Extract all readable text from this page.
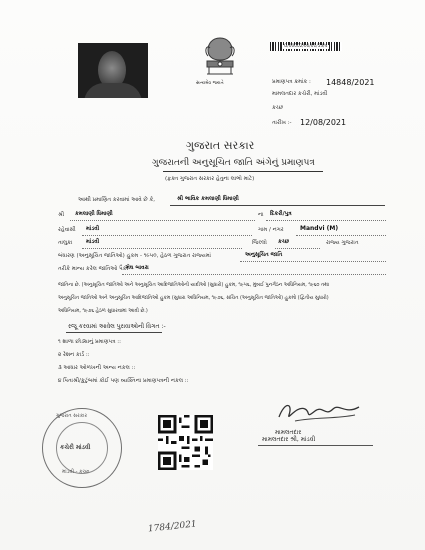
સત્યમેવ જયતે
G/00002/00/01/53/4
પ્રમાણપત્ર ક્રમાંક : 14848/2021
મામલતદાર કચેરી, માંડવી
કચ્છ
તારીખ :- 12/08/2021
ગુજરાત સરકાર
ગુજરાતની અનુસૂચિત જાતિ અંગેનું પ્રમાણપત્ર
(ફક્ત ગુજરાત સરકાર હેતુના લાભો માટે)
આથી પ્રમાણિત કરવામાં આવે છે કે,	શ્રી ભાવિક કમલાણી ધિમાણી
શ્રી કમલાણી ધિમાણી	ના દિકરી/પુત્ર
રહેવાસી માંડવી	ગામ / નગર	Mandvi (M)
તાલુકા માંડવી	જિલ્લો કચ્છ	રાજ્ય ગુજરાત
બંધારણ (અનુસૂચિત જાતિઓ) હુકમ - ૧૯૫૦, હેઠળ ગુજરાત રાજ્યમાં	અનુસૂચિત જાતિ
તરીકે માન્ય કરેલ જાતિઓ પૈકી
મેઘ બાવરા
જાતિના છે. (અનુસૂચિત જાતિઓ અને અનુસૂચિત આદિજાતિઓની યાદીઓ (સુધારો) હુકમ, ૧૯૫૬, મુંબઈ પુનર્ગઠન અધિનિયમ, ૧૯૬૦ તથા
અનુસૂચિત જાતિઓ અને અનુસૂચિત આદિજાતિઓ હુકમ (સુધારા અધિનિયમ, ૧૯૭૬, સંચિત (અનુસૂચિત જાતિઓ) હુકમો (દ્વિતીય સુધારો)
અધિનિયમ, ૧૯૭૬ હેઠળ સુધારવામાં આવી છે.)
રજૂ કરવામાં આવેલ પુરાવાઓની વિગત :-
૧ શાળા છોડ્યાનું પ્રમાણપત્ર ::
૨ રેશન કાર્ડ ::
૩ આધાર ઓળખની અન્ય નકલ ::
૪ પિતાશ્રી/કુટુંબમાં કોઈ પણ વ્યક્તિના પ્રમાણપત્રની નકલ ::
ગુજરાત સરકાર
કચેરી માંડવી
માંડવી - કચ્છ
મામલતદાર
મામલતદાર શ્રી, માંડવી
1784/2021
